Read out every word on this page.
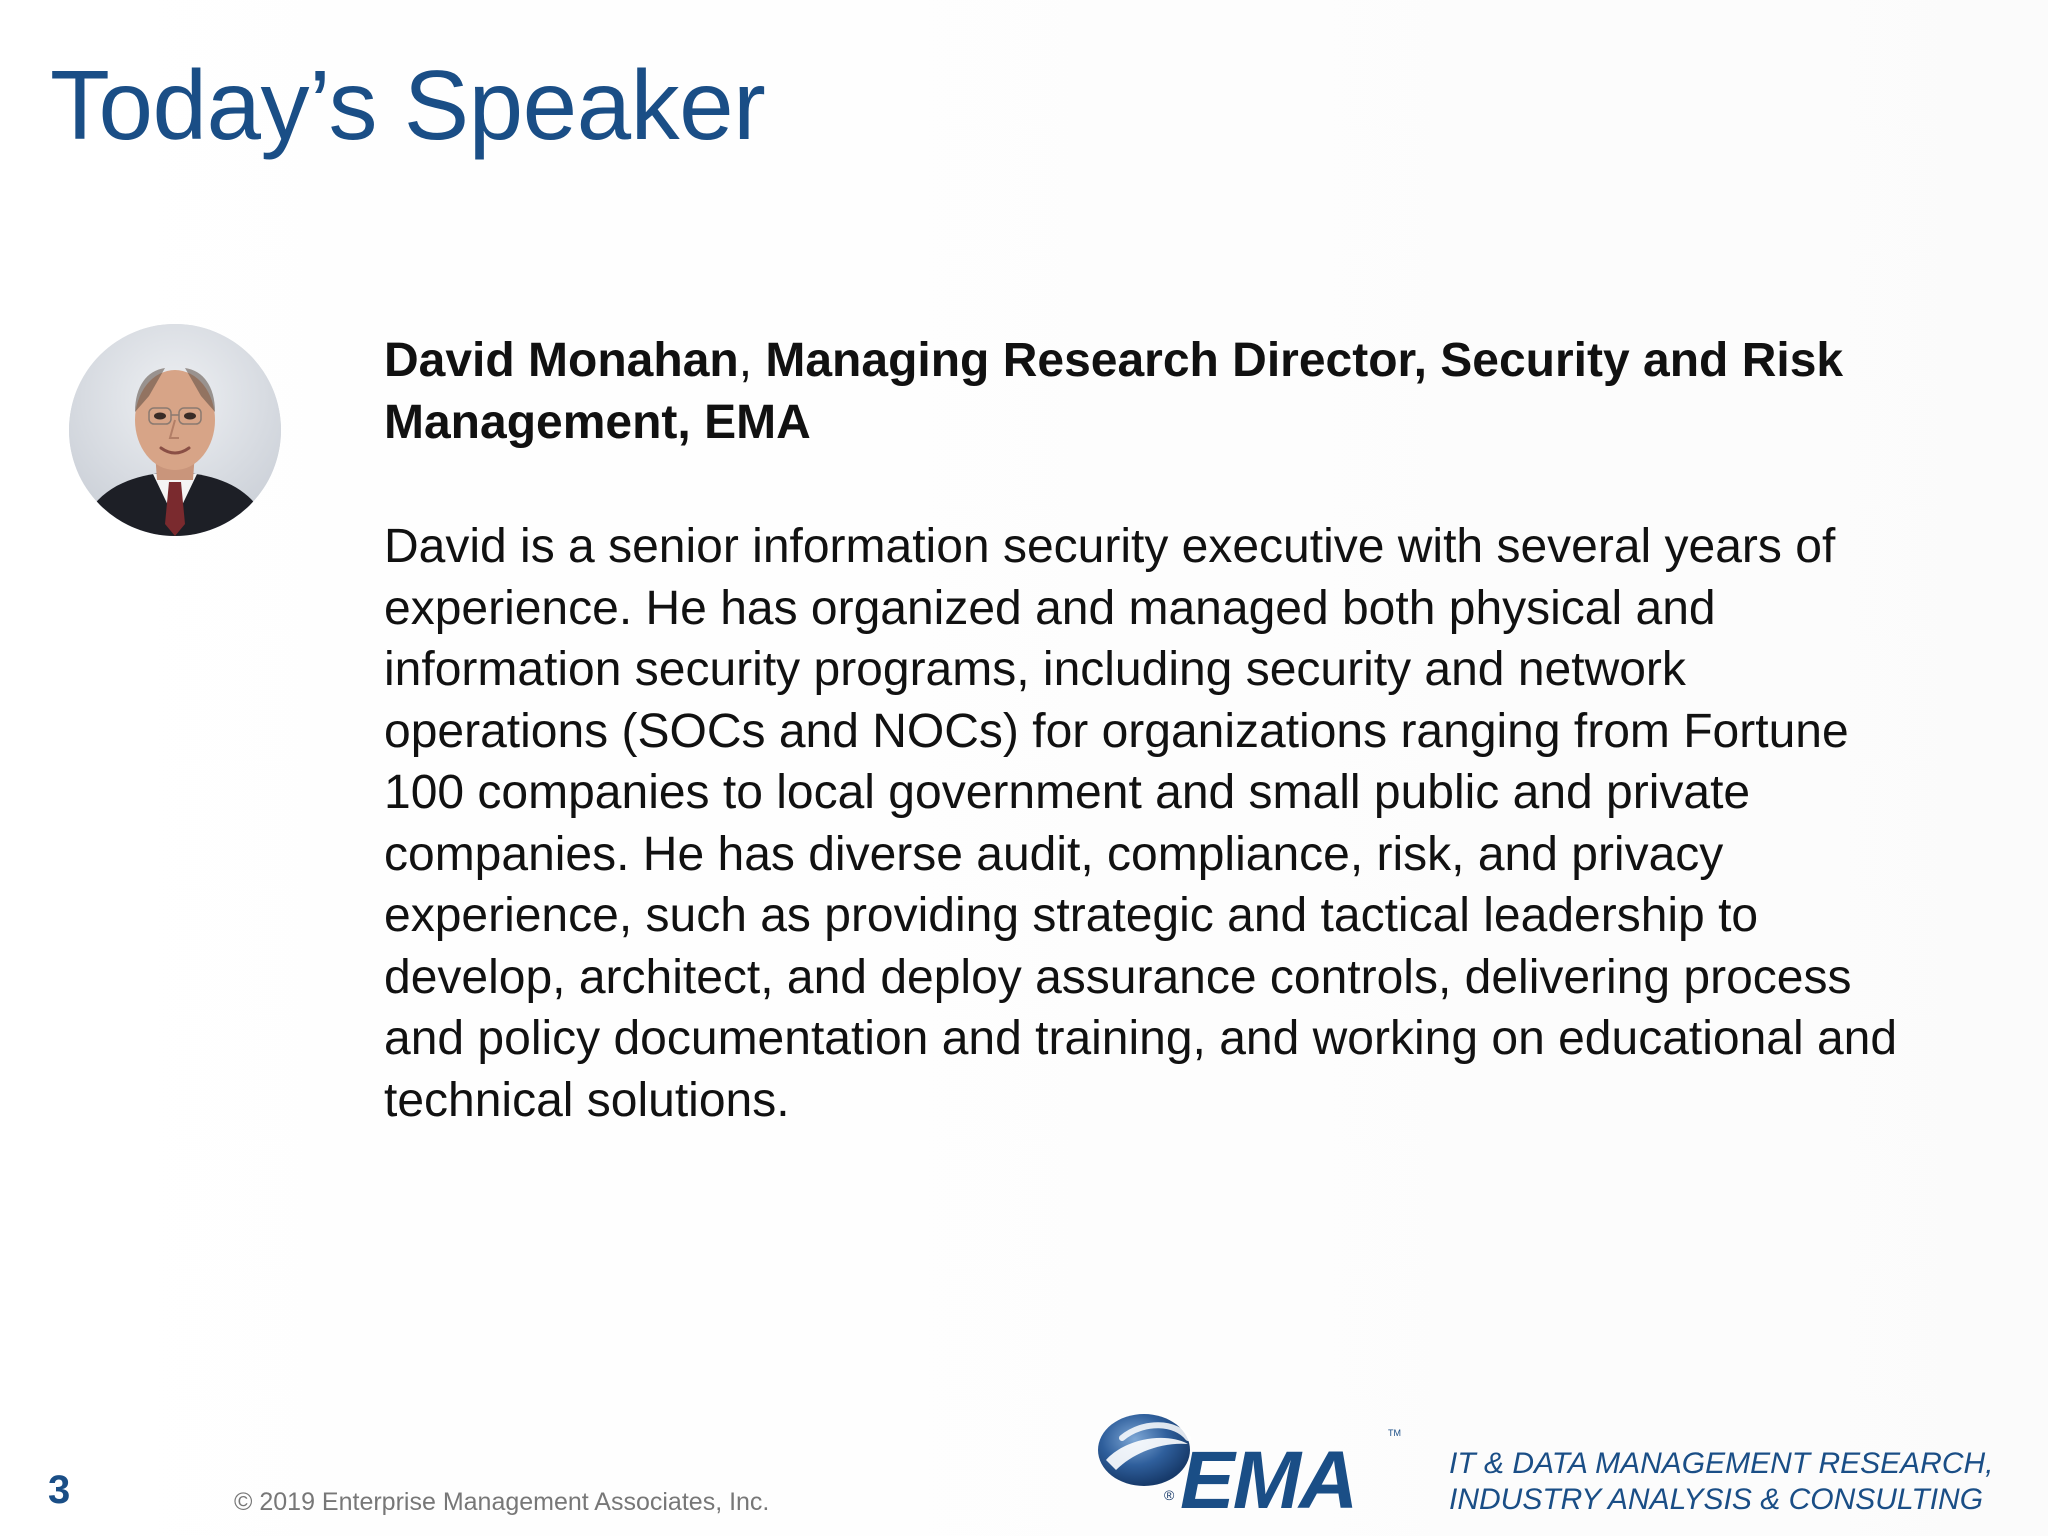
Today’s Speaker

David Monahan, Managing Research Director, Security and Risk Management, EMA

David is a senior information security executive with several years of experience. He has organized and managed both physical and information security programs, including security and network operations (SOCs and NOCs) for organizations ranging from Fortune 100 companies to local government and small public and private companies. He has diverse audit, compliance, risk, and privacy experience, such as providing strategic and tactical leadership to develop, architect, and deploy assurance controls, delivering process and policy documentation and training, and working on educational and technical solutions.

3	© 2019 Enterprise Management Associates, Inc.	® EMA
TM
IT & DATA MANAGEMENT RESEARCH,
INDUSTRY ANALYSIS & CONSULTING
